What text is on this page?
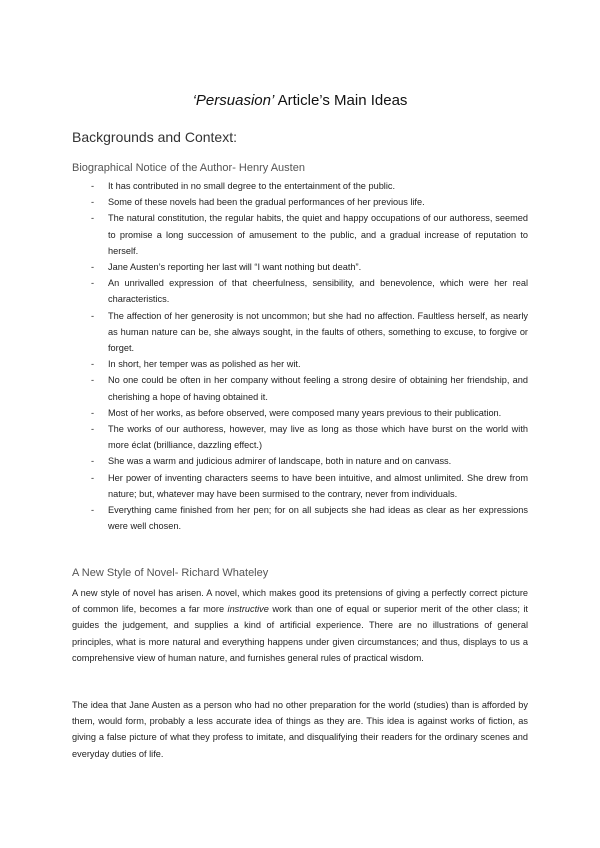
‘Persuasion’ Article’s Main Ideas
Backgrounds and Context:
Biographical Notice of the Author- Henry Austen
- It has contributed in no small degree to the entertainment of the public.
- Some of these novels had been the gradual performances of her previous life.
- The natural constitution, the regular habits, the quiet and happy occupations of our authoress, seemed to promise a long succession of amusement to the public, and a gradual increase of reputation to herself.
- Jane Austen’s reporting her last will “I want nothing but death”.
- An unrivalled expression of that cheerfulness, sensibility, and benevolence, which were her real characteristics.
- The affection of her generosity is not uncommon; but she had no affection. Faultless herself, as nearly as human nature can be, she always sought, in the faults of others, something to excuse, to forgive or forget.
- In short, her temper was as polished as her wit.
- No one could be often in her company without feeling a strong desire of obtaining her friendship, and cherishing a hope of having obtained it.
- Most of her works, as before observed, were composed many years previous to their publication.
- The works of our authoress, however, may live as long as those which have burst on the world with more éclat (brilliance, dazzling effect.)
- She was a warm and judicious admirer of landscape, both in nature and on canvass.
- Her power of inventing characters seems to have been intuitive, and almost unlimited. She drew from nature; but, whatever may have been surmised to the contrary, never from individuals.
- Everything came finished from her pen; for on all subjects she had ideas as clear as her expressions were well chosen.
A New Style of Novel- Richard Whateley

A new style of novel has arisen. A novel, which makes good its pretensions of giving a perfectly correct picture of common life, becomes a far more instructive work than one of equal or superior merit of the other class; it guides the judgement, and supplies a kind of artificial experience. There are no illustrations of general principles, what is more natural and everything happens under given circumstances; and thus, displays to us a comprehensive view of human nature, and furnishes general rules of practical wisdom.

The idea that Jane Austen as a person who had no other preparation for the world (studies) than is afforded by them, would form, probably a less accurate idea of things as they are. This idea is against works of fiction, as giving a false picture of what they profess to imitate, and disqualifying their readers for the ordinary scenes and everyday duties of life.
